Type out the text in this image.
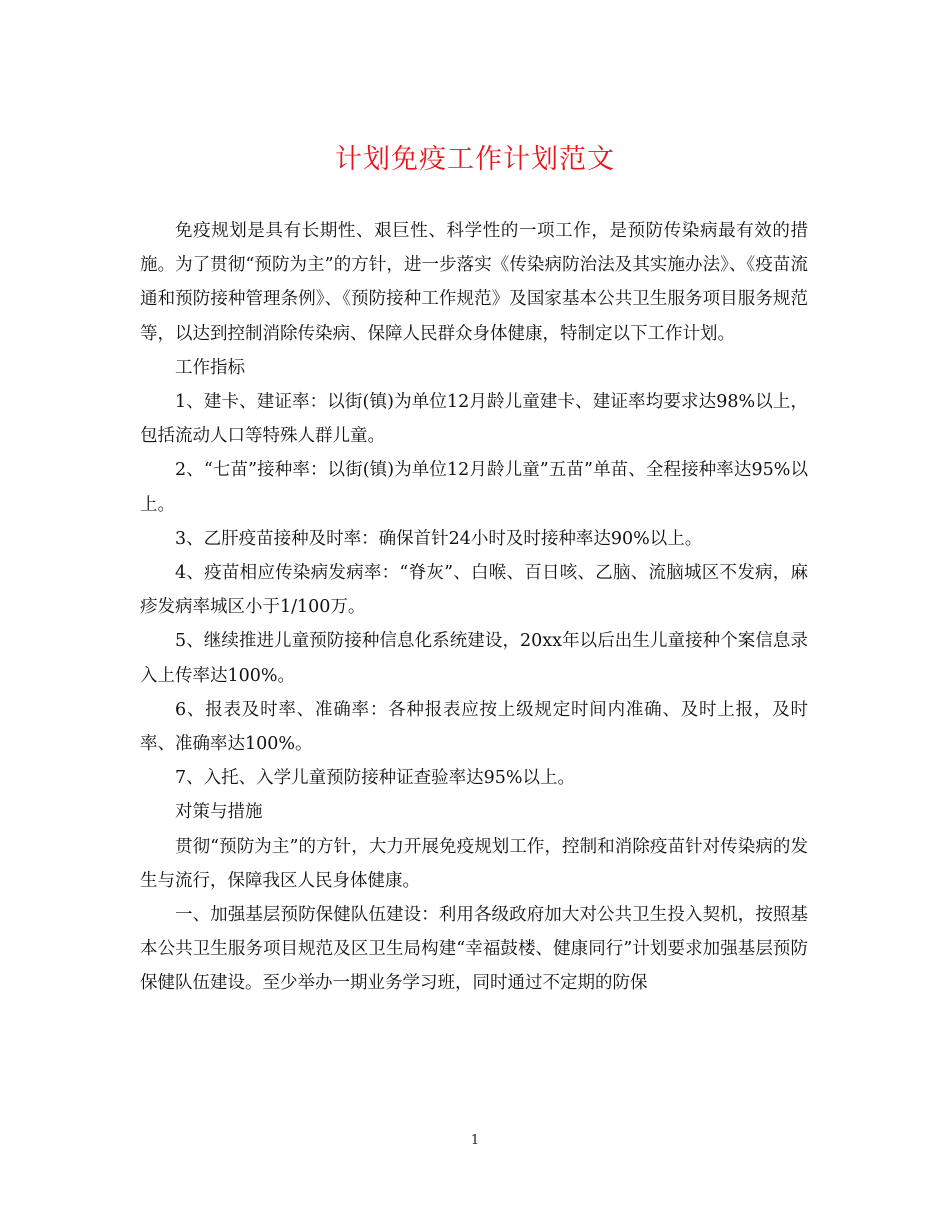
计划免疫工作计划范文

免疫规划是具有长期性、艰巨性、科学性的一项工作，是预防传染病最有效的措施。为了贯彻“预防为主”的方针，进一步落实《传染病防治法及其实施办法》、《疫苗流通和预防接种管理条例》、《预防接种工作规范》及国家基本公共卫生服务项目服务规范等，以达到控制消除传染病、保障人民群众身体健康，特制定以下工作计划。

工作指标

1、建卡、建证率：以街(镇)为单位12月龄儿童建卡、建证率均要求达98%以上，包括流动人口等特殊人群儿童。

2、“七苗”接种率：以街(镇)为单位12月龄儿童”五苗”单苗、全程接种率达95%以上。

3、乙肝疫苗接种及时率：确保首针24小时及时接种率达90%以上。

4、疫苗相应传染病发病率：“脊灰”、白喉、百日咳、乙脑、流脑城区不发病，麻疹发病率城区小于1/100万。

5、继续推进儿童预防接种信息化系统建设，20xx年以后出生儿童接种个案信息录入上传率达100%。

6、报表及时率、准确率：各种报表应按上级规定时间内准确、及时上报，及时率、准确率达100%。

7、入托、入学儿童预防接种证查验率达95%以上。

对策与措施

贯彻“预防为主”的方针，大力开展免疫规划工作，控制和消除疫苗针对传染病的发生与流行，保障我区人民身体健康。

一、加强基层预防保健队伍建设：利用各级政府加大对公共卫生投入契机，按照基本公共卫生服务项目规范及区卫生局构建“幸福鼓楼、健康同行”计划要求加强基层预防保健队伍建设。至少举办一期业务学习班，同时通过不定期的防保

1
